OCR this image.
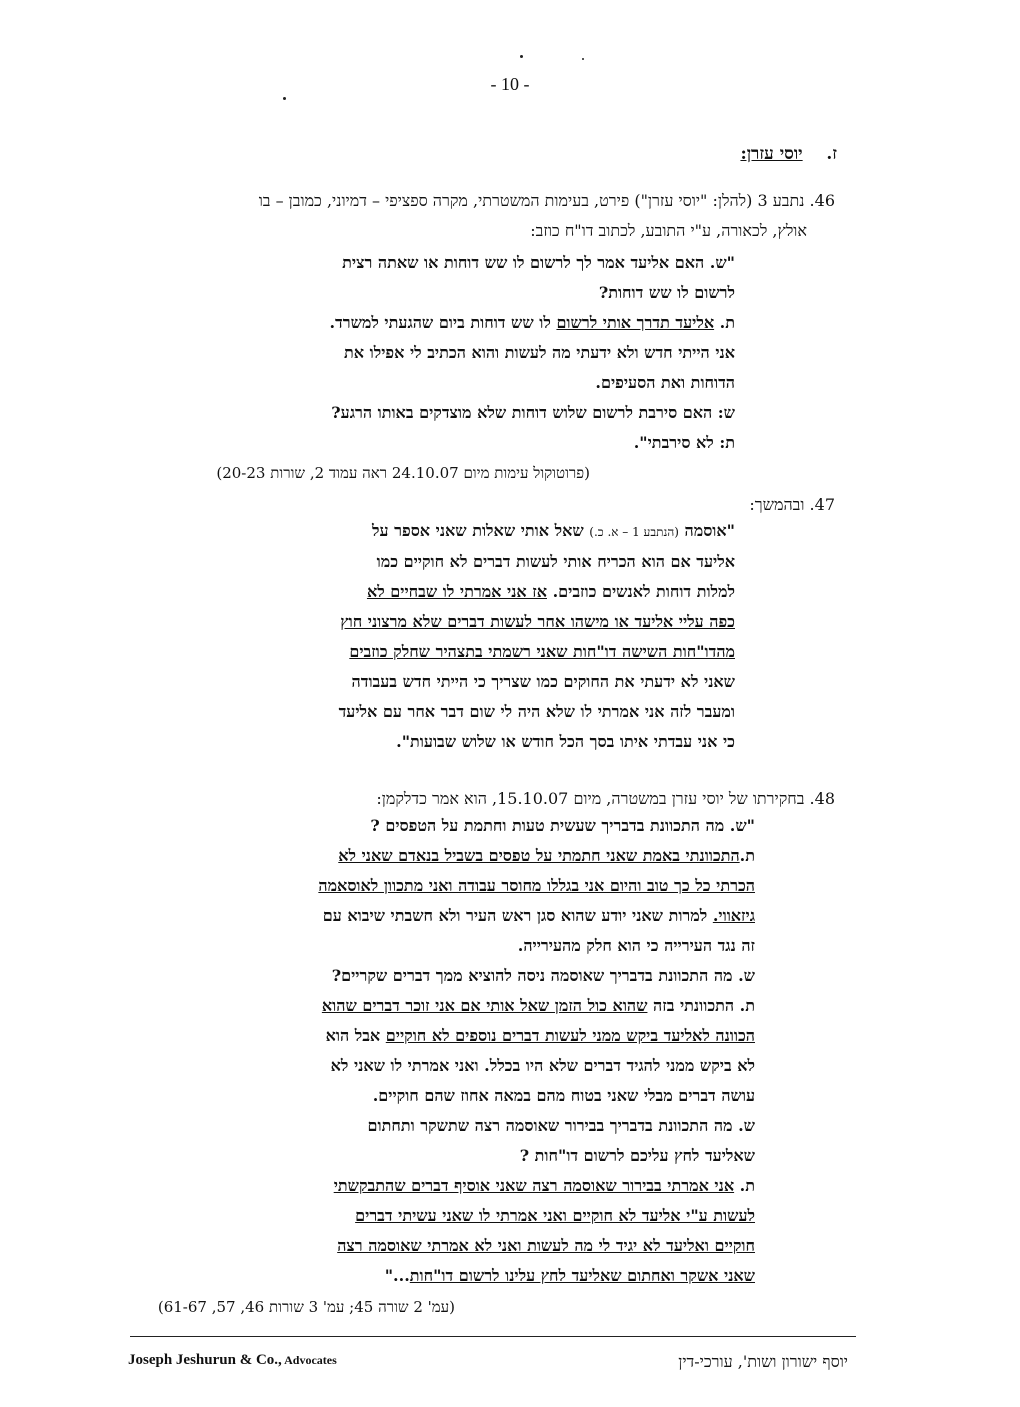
- 10 -
ז.    יוסי עזרן:

46. נתבע 3 (להלן: "יוסי עזרן") פירט, בעימות המשטרתי, מקרה ספציפי – דמיוני, כמובן – בו

אולץ, לכאורה, ע"י התובע, לכתוב דו"ח כוזב:

"ש. האם אליעד אמר לך לרשום לו שש דוחות או שאתה רצית

לרשום לו שש דוחות?

ת. אליעד תדרך אותי לרשום לו שש דוחות ביום שהגעתי למשרד.

אני הייתי חדש ולא ידעתי מה לעשות והוא הכתיב לי אפילו את

הדוחות ואת הסעיפים.

ש: האם סירבת לרשום שלוש דוחות שלא מוצדקים באותו הרגע?

ת: לא סירבתי".

(פרוטוקול עימות מיום 24.10.07 ראה עמוד 2, שורות 20-23)
47. ובהמשך:

"אוסמה (הנתבע 1 – א. כ.) שאל אותי שאלות שאני אספר על

אליעד אם הוא הכריח אותי לעשות דברים לא חוקיים כמו

למלות דוחות לאנשים כוזבים. אז אני אמרתי לו שבחיים לא

כפה עליי אליעד או מישהו אחר לעשות דברים שלא מרצוני חוץ

מהדו"חות השישה דו"חות שאני רשמתי בתצהיר שחלק כוזבים

שאני לא ידעתי את החוקים כמו שצריך כי הייתי חדש בעבודה

ומעבר לזה אני אמרתי לו שלא היה לי שום דבר אחר עם אליעד

כי אני עבדתי איתו בסך הכל חודש או שלוש שבועות".

48. בחקירתו של יוסי עזרן במשטרה, מיום 15.10.07, הוא אמר כדלקמן:

"ש. מה התכוונת בדבריך שעשית טעות וחתמת על הטפסים ?

ת.התכוונתי באמת שאני חתמתי על טפסים בשביל בנאדם שאני לא

הכרתי כל כך טוב והיום אני בגללו מחוסר עבודה ואני מתכוון לאוסאמה

גיזאווי. למרות שאני יודע שהוא סגן ראש העיר ולא חשבתי שיבוא עם

זה נגד העירייה כי הוא חלק מהעירייה.

ש. מה התכוונת בדבריך שאוסמה ניסה להוציא ממך דברים שקריים?

ת. התכוונתי בזה שהוא כול הזמן שאל אותי אם אני זוכר דברים שהוא

הכוונה לאליעד ביקש ממני לעשות דברים נוספים לא חוקיים אבל הוא

לא ביקש ממני להגיד דברים שלא היו בכלל. ואני אמרתי לו שאני לא

עושה דברים מבלי שאני בטוח מהם במאה אחוז שהם חוקיים.

ש. מה התכוונת בדבריך בבירור שאוסמה רצה שתשקר ותחתום

שאליעד לחץ עליכם לרשום דו"חות ?

ת. אני אמרתי בבירור שאוסמה רצה שאני אוסיף דברים שהתבקשתי

לעשות ע"י אליעד לא חוקיים ואני אמרתי לו שאני עשיתי דברים

חוקיים ואליעד לא יגיד לי מה לעשות ואני לא אמרתי שאוסמה רצה

שאני אשקר ואחתום שאליעד לחץ עלינו לרשום דו"חות..."

(עמ' 2 שורה 45; עמ' 3 שורות 46, 57, 61-67)
Joseph Jeshurun & Co., Advocates	יוסף ישורון ושות', עורכי-דין
